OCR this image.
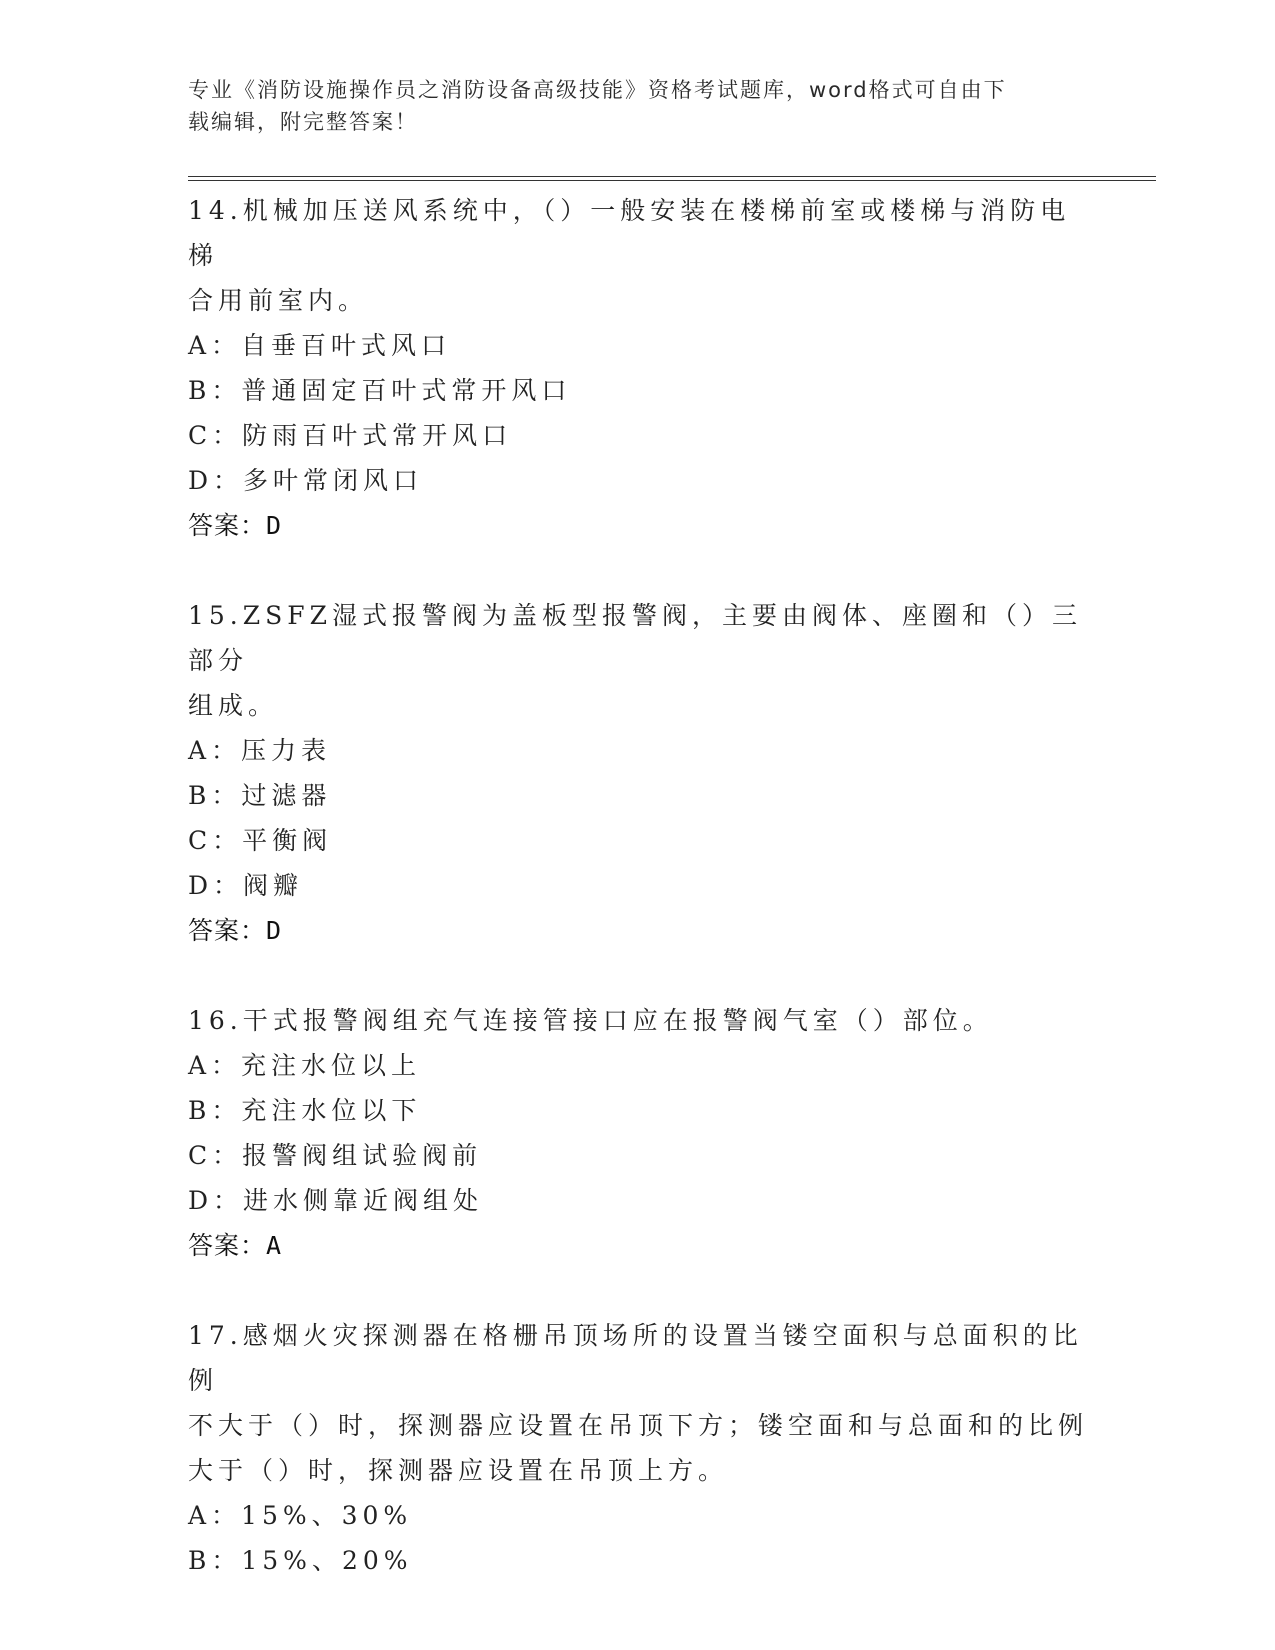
专业《消防设施操作员之消防设备高级技能》资格考试题库，word格式可自由下
载编辑，附完整答案！
14.机械加压送风系统中，（）一般安装在楼梯前室或楼梯与消防电梯
合用前室内。
A：自垂百叶式风口
B：普通固定百叶式常开风口
C：防雨百叶式常开风口
D：多叶常闭风口
答案：D
15.ZSFZ湿式报警阀为盖板型报警阀，主要由阀体、座圈和（）三部分
组成。
A：压力表
B：过滤器
C：平衡阀
D：阀瓣
答案：D
16.干式报警阀组充气连接管接口应在报警阀气室（）部位。
A：充注水位以上
B：充注水位以下
C：报警阀组试验阀前
D：进水侧靠近阀组处
答案：A
17.感烟火灾探测器在格栅吊顶场所的设置当镂空面积与总面积的比例
不大于（）时，探测器应设置在吊顶下方；镂空面和与总面和的比例
大于（）时，探测器应设置在吊顶上方。
A：15%、30%
B：15%、20%
